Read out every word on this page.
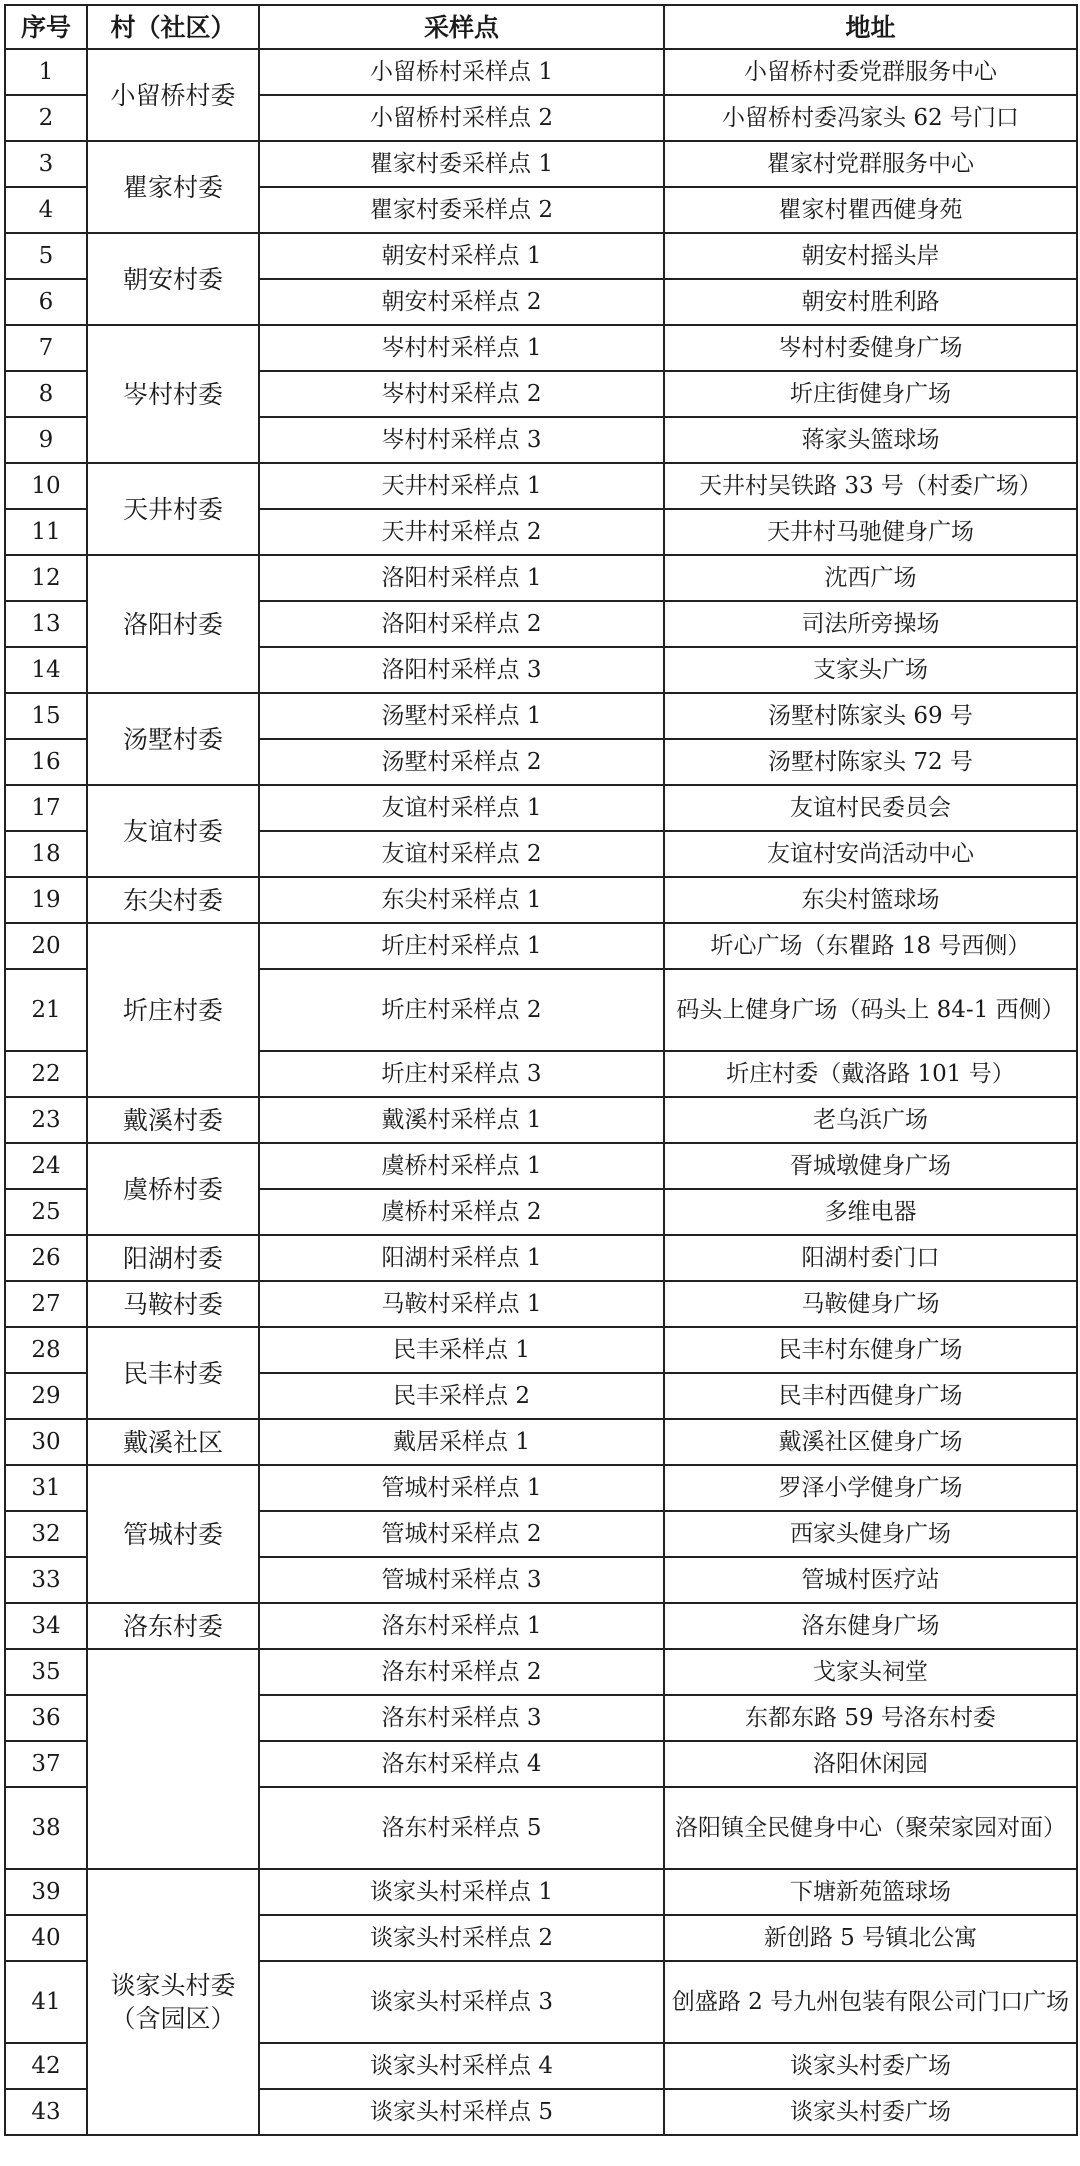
序号	村（社区）	采样点	地址
1	小留桥村委	小留桥村采样点 1	小留桥村委党群服务中心
2		小留桥村采样点 2	小留桥村委冯家头 62 号门口
3	瞿家村委	瞿家村委采样点 1	瞿家村党群服务中心
4		瞿家村委采样点 2	瞿家村瞿西健身苑
5	朝安村委	朝安村采样点 1	朝安村摇头岸
6		朝安村采样点 2	朝安村胜利路
7	岑村村委	岑村村采样点 1	岑村村委健身广场
8		岑村村采样点 2	圻庄街健身广场
9		岑村村采样点 3	蒋家头篮球场
10	天井村委	天井村采样点 1	天井村吴铁路 33 号（村委广场）
11		天井村采样点 2	天井村马驰健身广场
12	洛阳村委	洛阳村采样点 1	沈西广场
13		洛阳村采样点 2	司法所旁操场
14		洛阳村采样点 3	支家头广场
15	汤墅村委	汤墅村采样点 1	汤墅村陈家头 69 号
16		汤墅村采样点 2	汤墅村陈家头 72 号
17	友谊村委	友谊村采样点 1	友谊村民委员会
18		友谊村采样点 2	友谊村安尚活动中心
19	东尖村委	东尖村采样点 1	东尖村篮球场
20	圻庄村委	圻庄村采样点 1	圻心广场（东瞿路 18 号西侧）
21		圻庄村采样点 2	码头上健身广场（码头上 84-1 西侧）
22		圻庄村采样点 3	圻庄村委（戴洛路 101 号）
23	戴溪村委	戴溪村采样点 1	老乌浜广场
24	虞桥村委	虞桥村采样点 1	胥城墩健身广场
25		虞桥村采样点 2	多维电器
26	阳湖村委	阳湖村采样点 1	阳湖村委门口
27	马鞍村委	马鞍村采样点 1	马鞍健身广场
28	民丰村委	民丰采样点 1	民丰村东健身广场
29		民丰采样点 2	民丰村西健身广场
30	戴溪社区	戴居采样点 1	戴溪社区健身广场
31	管城村委	管城村采样点 1	罗泽小学健身广场
32		管城村采样点 2	西家头健身广场
33		管城村采样点 3	管城村医疗站
34	洛东村委	洛东村采样点 1	洛东健身广场
35		洛东村采样点 2	戈家头祠堂
36		洛东村采样点 3	东都东路 59 号洛东村委
37		洛东村采样点 4	洛阳休闲园
38		洛东村采样点 5	洛阳镇全民健身中心（聚荣家园对面）
39	谈家头村委（含园区）	谈家头村采样点 1	下塘新苑篮球场
40		谈家头村采样点 2	新创路 5 号镇北公寓
41		谈家头村采样点 3	创盛路 2 号九州包装有限公司门口广场
42		谈家头村采样点 4	谈家头村委广场
43		谈家头村采样点 5	谈家头村委广场
